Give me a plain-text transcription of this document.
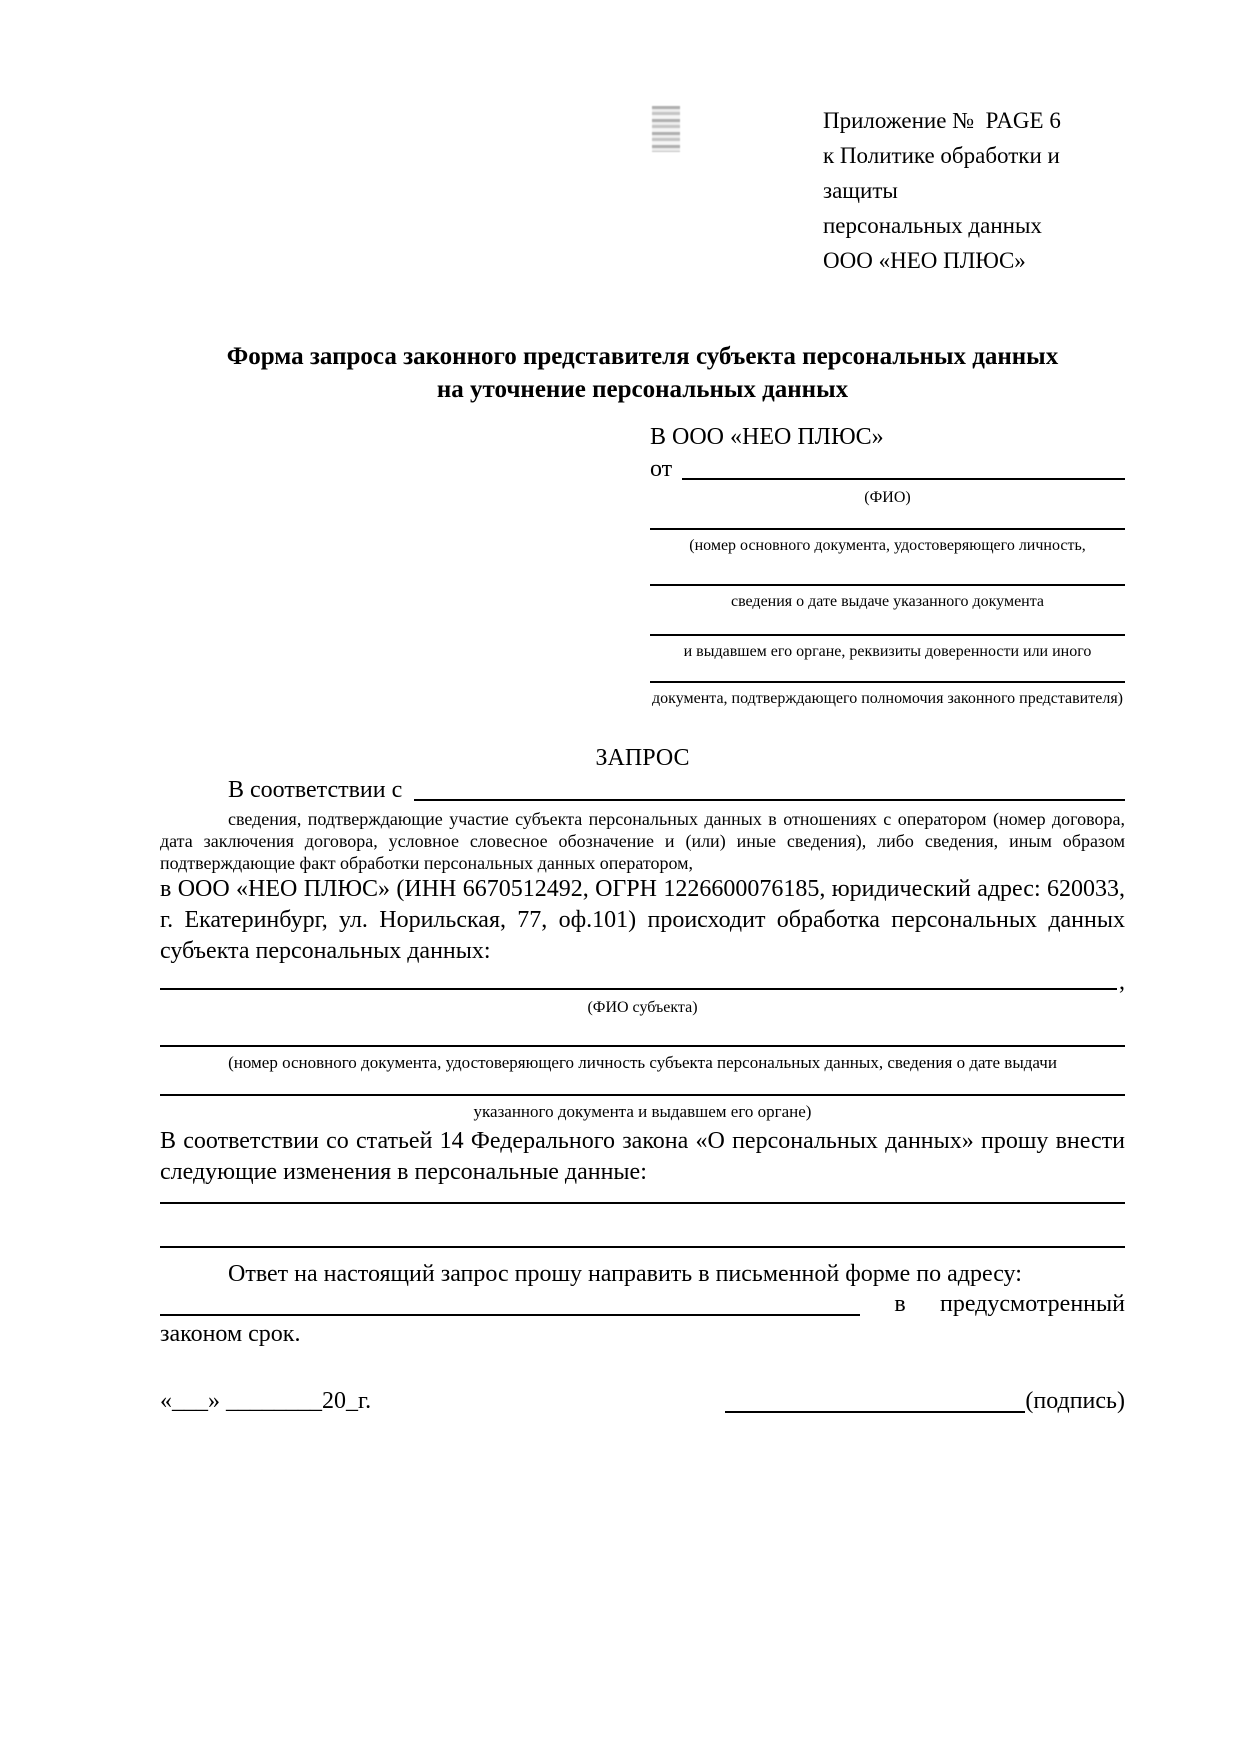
Приложение №  PAGE 6
к Политике обработки и защиты
персональных данных
ООО «НЕО ПЛЮС»
Форма запроса законного представителя субъекта персональных данных
на уточнение персональных данных
В ООО «НЕО ПЛЮС»
от
(ФИО)
(номер основного документа, удостоверяющего личность,
сведения о дате выдаче указанного документа
и выдавшем его органе, реквизиты доверенности или иного
документа, подтверждающего полномочия законного представителя)
ЗАПРОС
В соответствии с
сведения, подтверждающие участие субъекта персональных данных в отношениях с оператором (номер договора, дата заключения договора, условное словесное обозначение и (или) иные сведения), либо сведения, иным образом подтверждающие факт обработки персональных данных оператором,
в ООО «НЕО ПЛЮС» (ИНН 6670512492, ОГРН 1226600076185, юридический адрес: 620033, г. Екатеринбург, ул. Норильская, 77, оф.101) происходит обработка персональных данных субъекта персональных данных:
,
(ФИО субъекта)
(номер основного документа, удостоверяющего личность субъекта персональных данных, сведения о дате выдачи
указанного документа и выдавшем его органе)
В соответствии со статьей 14 Федерального закона «О персональных данных» прошу внести следующие изменения в персональные данные:
Ответ на настоящий запрос прошу направить в письменной форме по адресу:
в предусмотренный
законом срок.
«___» ________20_г.	(подпись)
